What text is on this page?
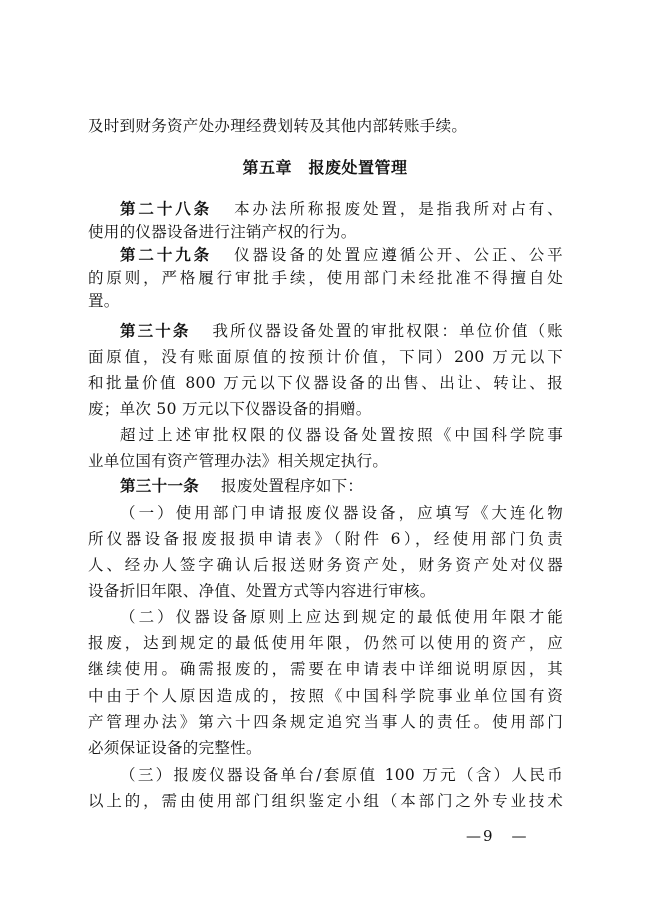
及时到财务资产处办理经费划转及其他内部转账手续。
第五章　报废处置管理
第二十八条 本办法所称报废处置，是指我所对占有、
使用的仪器设备进行注销产权的行为。
第二十九条 仪器设备的处置应遵循公开、公正、公平
的原则，严格履行审批手续，使用部门未经批准不得擅自处
置。
第三十条 我所仪器设备处置的审批权限：单位价值（账
面原值，没有账面原值的按预计价值，下同）200 万元以下
和批量价值 800 万元以下仪器设备的出售、出让、转让、报
废；单次 50 万元以下仪器设备的捐赠。
超过上述审批权限的仪器设备处置按照《中国科学院事
业单位国有资产管理办法》相关规定执行。
第三十一条 报废处置程序如下：
（一）使用部门申请报废仪器设备，应填写《大连化物
所仪器设备报废报损申请表》（附件 6），经使用部门负责
人、经办人签字确认后报送财务资产处，财务资产处对仪器
设备折旧年限、净值、处置方式等内容进行审核。
（二）仪器设备原则上应达到规定的最低使用年限才能
报废，达到规定的最低使用年限，仍然可以使用的资产，应
继续使用。确需报废的，需要在申请表中详细说明原因，其
中由于个人原因造成的，按照《中国科学院事业单位国有资
产管理办法》第六十四条规定追究当事人的责任。使用部门
必须保证设备的完整性。
（三）报废仪器设备单台/套原值 100 万元（含）人民币
以上的，需由使用部门组织鉴定小组（本部门之外专业技术
—9　—
